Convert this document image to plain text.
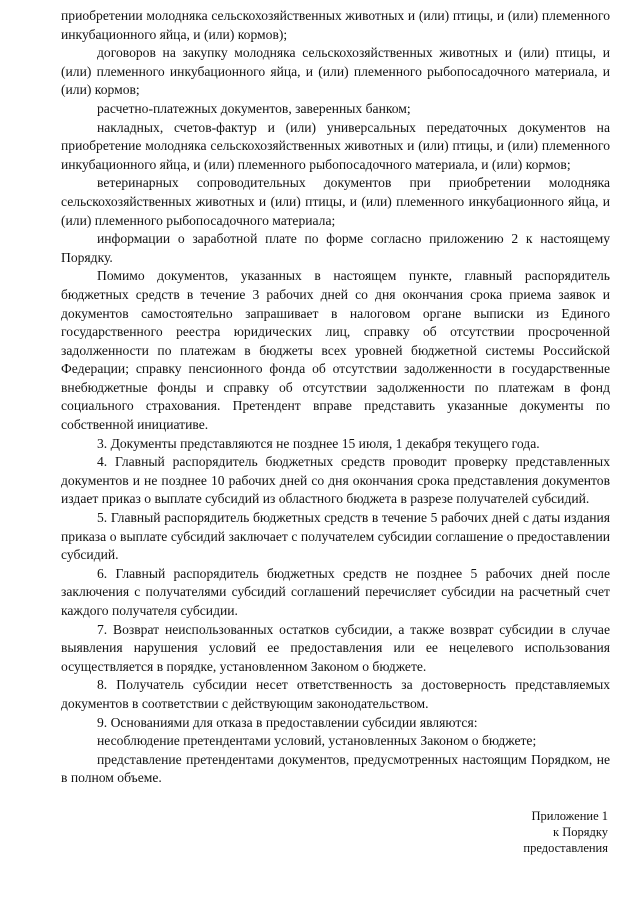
приобретении молодняка сельскохозяйственных животных и (или) птицы, и (или) племенного инкубационного яйца, и (или) кормов);

договоров на закупку молодняка сельскохозяйственных животных и (или) птицы, и (или) племенного инкубационного яйца, и (или) племенного рыбопосадочного материала, и (или) кормов;

расчетно-платежных документов, заверенных банком;

накладных, счетов-фактур и (или) универсальных передаточных документов на приобретение молодняка сельскохозяйственных животных и (или) птицы, и (или) племенного инкубационного яйца, и (или) племенного рыбопосадочного материала, и (или) кормов;

ветеринарных сопроводительных документов при приобретении молодняка сельскохозяйственных животных и (или) птицы, и (или) племенного инкубационного яйца, и (или) племенного рыбопосадочного материала;

информации о заработной плате по форме согласно приложению 2 к настоящему Порядку.

Помимо документов, указанных в настоящем пункте, главный распорядитель бюджетных средств в течение 3 рабочих дней со дня окончания срока приема заявок и документов самостоятельно запрашивает в налоговом органе выписки из Единого государственного реестра юридических лиц, справку об отсутствии просроченной задолженности по платежам в бюджеты всех уровней бюджетной системы Российской Федерации; справку пенсионного фонда об отсутствии задолженности в государственные внебюджетные фонды и справку об отсутствии задолженности по платежам в фонд социального страхования. Претендент вправе представить указанные документы по собственной инициативе.

3. Документы представляются не позднее 15 июля, 1 декабря текущего года.

4. Главный распорядитель бюджетных средств проводит проверку представленных документов и не позднее 10 рабочих дней со дня окончания срока представления документов издает приказ о выплате субсидий из областного бюджета в разрезе получателей субсидий.

5. Главный распорядитель бюджетных средств в течение 5 рабочих дней с даты издания приказа о выплате субсидий заключает с получателем субсидии соглашение о предоставлении субсидий.

6. Главный распорядитель бюджетных средств не позднее 5 рабочих дней после заключения с получателями субсидий соглашений перечисляет субсидии на расчетный счет каждого получателя субсидии.

7. Возврат неиспользованных остатков субсидии, а также возврат субсидии в случае выявления нарушения условий ее предоставления или ее нецелевого использования осуществляется в порядке, установленном Законом о бюджете.

8. Получатель субсидии несет ответственность за достоверность представляемых документов в соответствии с действующим законодательством.

9. Основаниями для отказа в предоставлении субсидии являются:

несоблюдение претендентами условий, установленных Законом о бюджете;

представление претендентами документов, предусмотренных настоящим Порядком, не в полном объеме.

Приложение 1
к Порядку
предоставления
